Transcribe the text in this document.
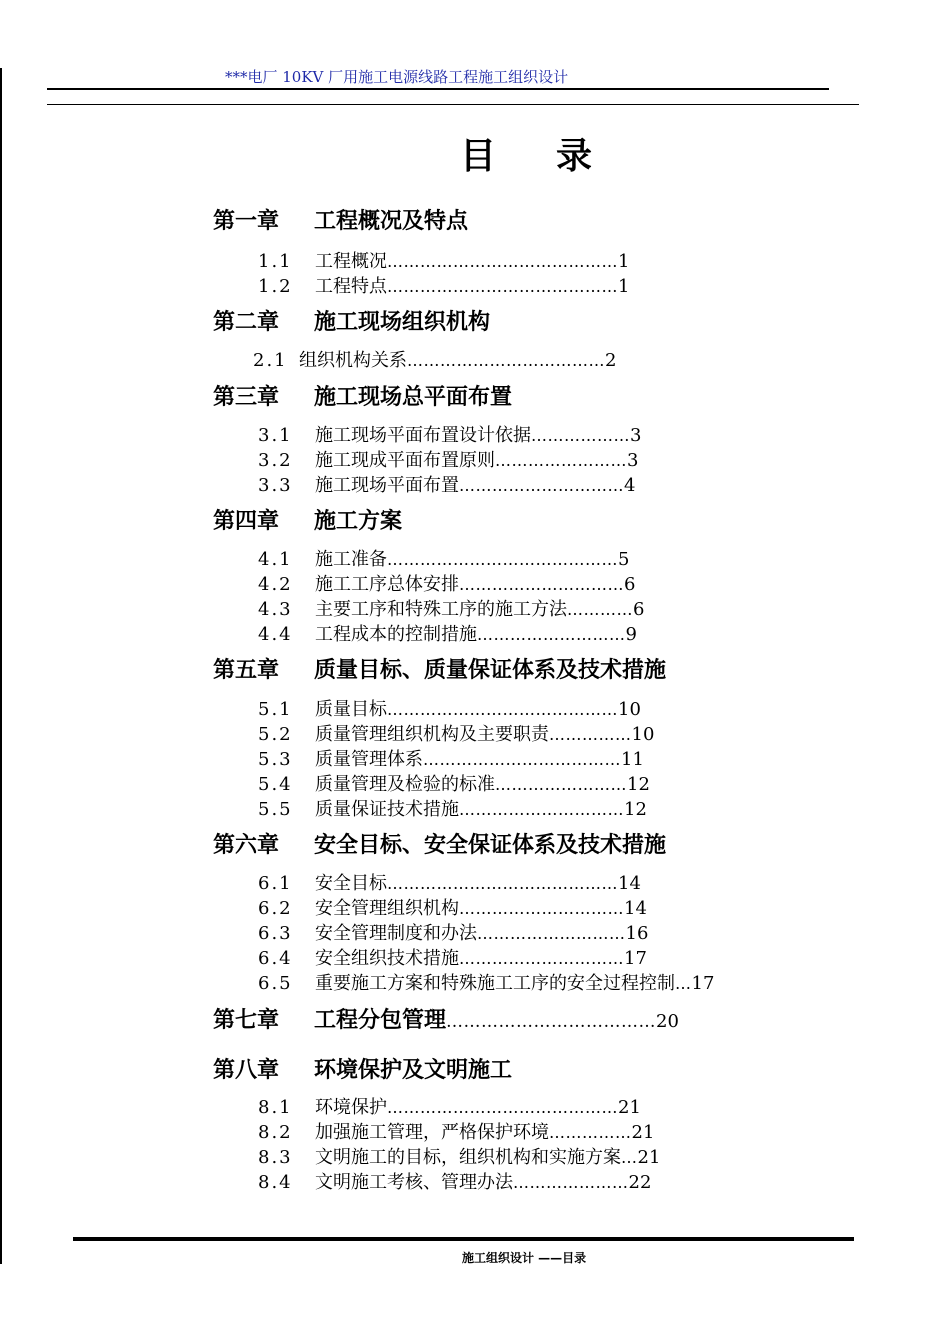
***电厂 10KV 厂用施工电源线路工程施工组织设计
目录
第一章 工程概况及特点
1.1 工程概况……………………………………1
1.2 工程特点……………………………………1
第二章 施工现场组织机构
2.1 组织机构关系………………………………2
第三章 施工现场总平面布置
3.1 施工现场平面布置设计依据………………3
3.2 施工现成平面布置原则……………………3
3.3 施工现场平面布置…………………………4
第四章 施工方案
4.1 施工准备……………………………………5
4.2 施工工序总体安排…………………………6
4.3 主要工序和特殊工序的施工方法…………6
4.4 工程成本的控制措施………………………9
第五章 质量目标、质量保证体系及技术措施
5.1 质量目标……………………………………10
5.2 质量管理组织机构及主要职责……………10
5.3 质量管理体系………………………………11
5.4 质量管理及检验的标准……………………12
5.5 质量保证技术措施…………………………12
第六章 安全目标、安全保证体系及技术措施
6.1 安全目标……………………………………14
6.2 安全管理组织机构…………………………14
6.3 安全管理制度和办法………………………16
6.4 安全组织技术措施…………………………17
6.5 重要施工方案和特殊施工工序的安全过程控制…17
第七章 工程分包管理………………………………20
第八章 环境保护及文明施工
8.1 环境保护……………………………………21
8.2 加强施工管理，严格保护环境……………21
8.3 文明施工的目标，组织机构和实施方案…21
8.4 文明施工考核、管理办法…………………22
施工组织设计 ——目录
